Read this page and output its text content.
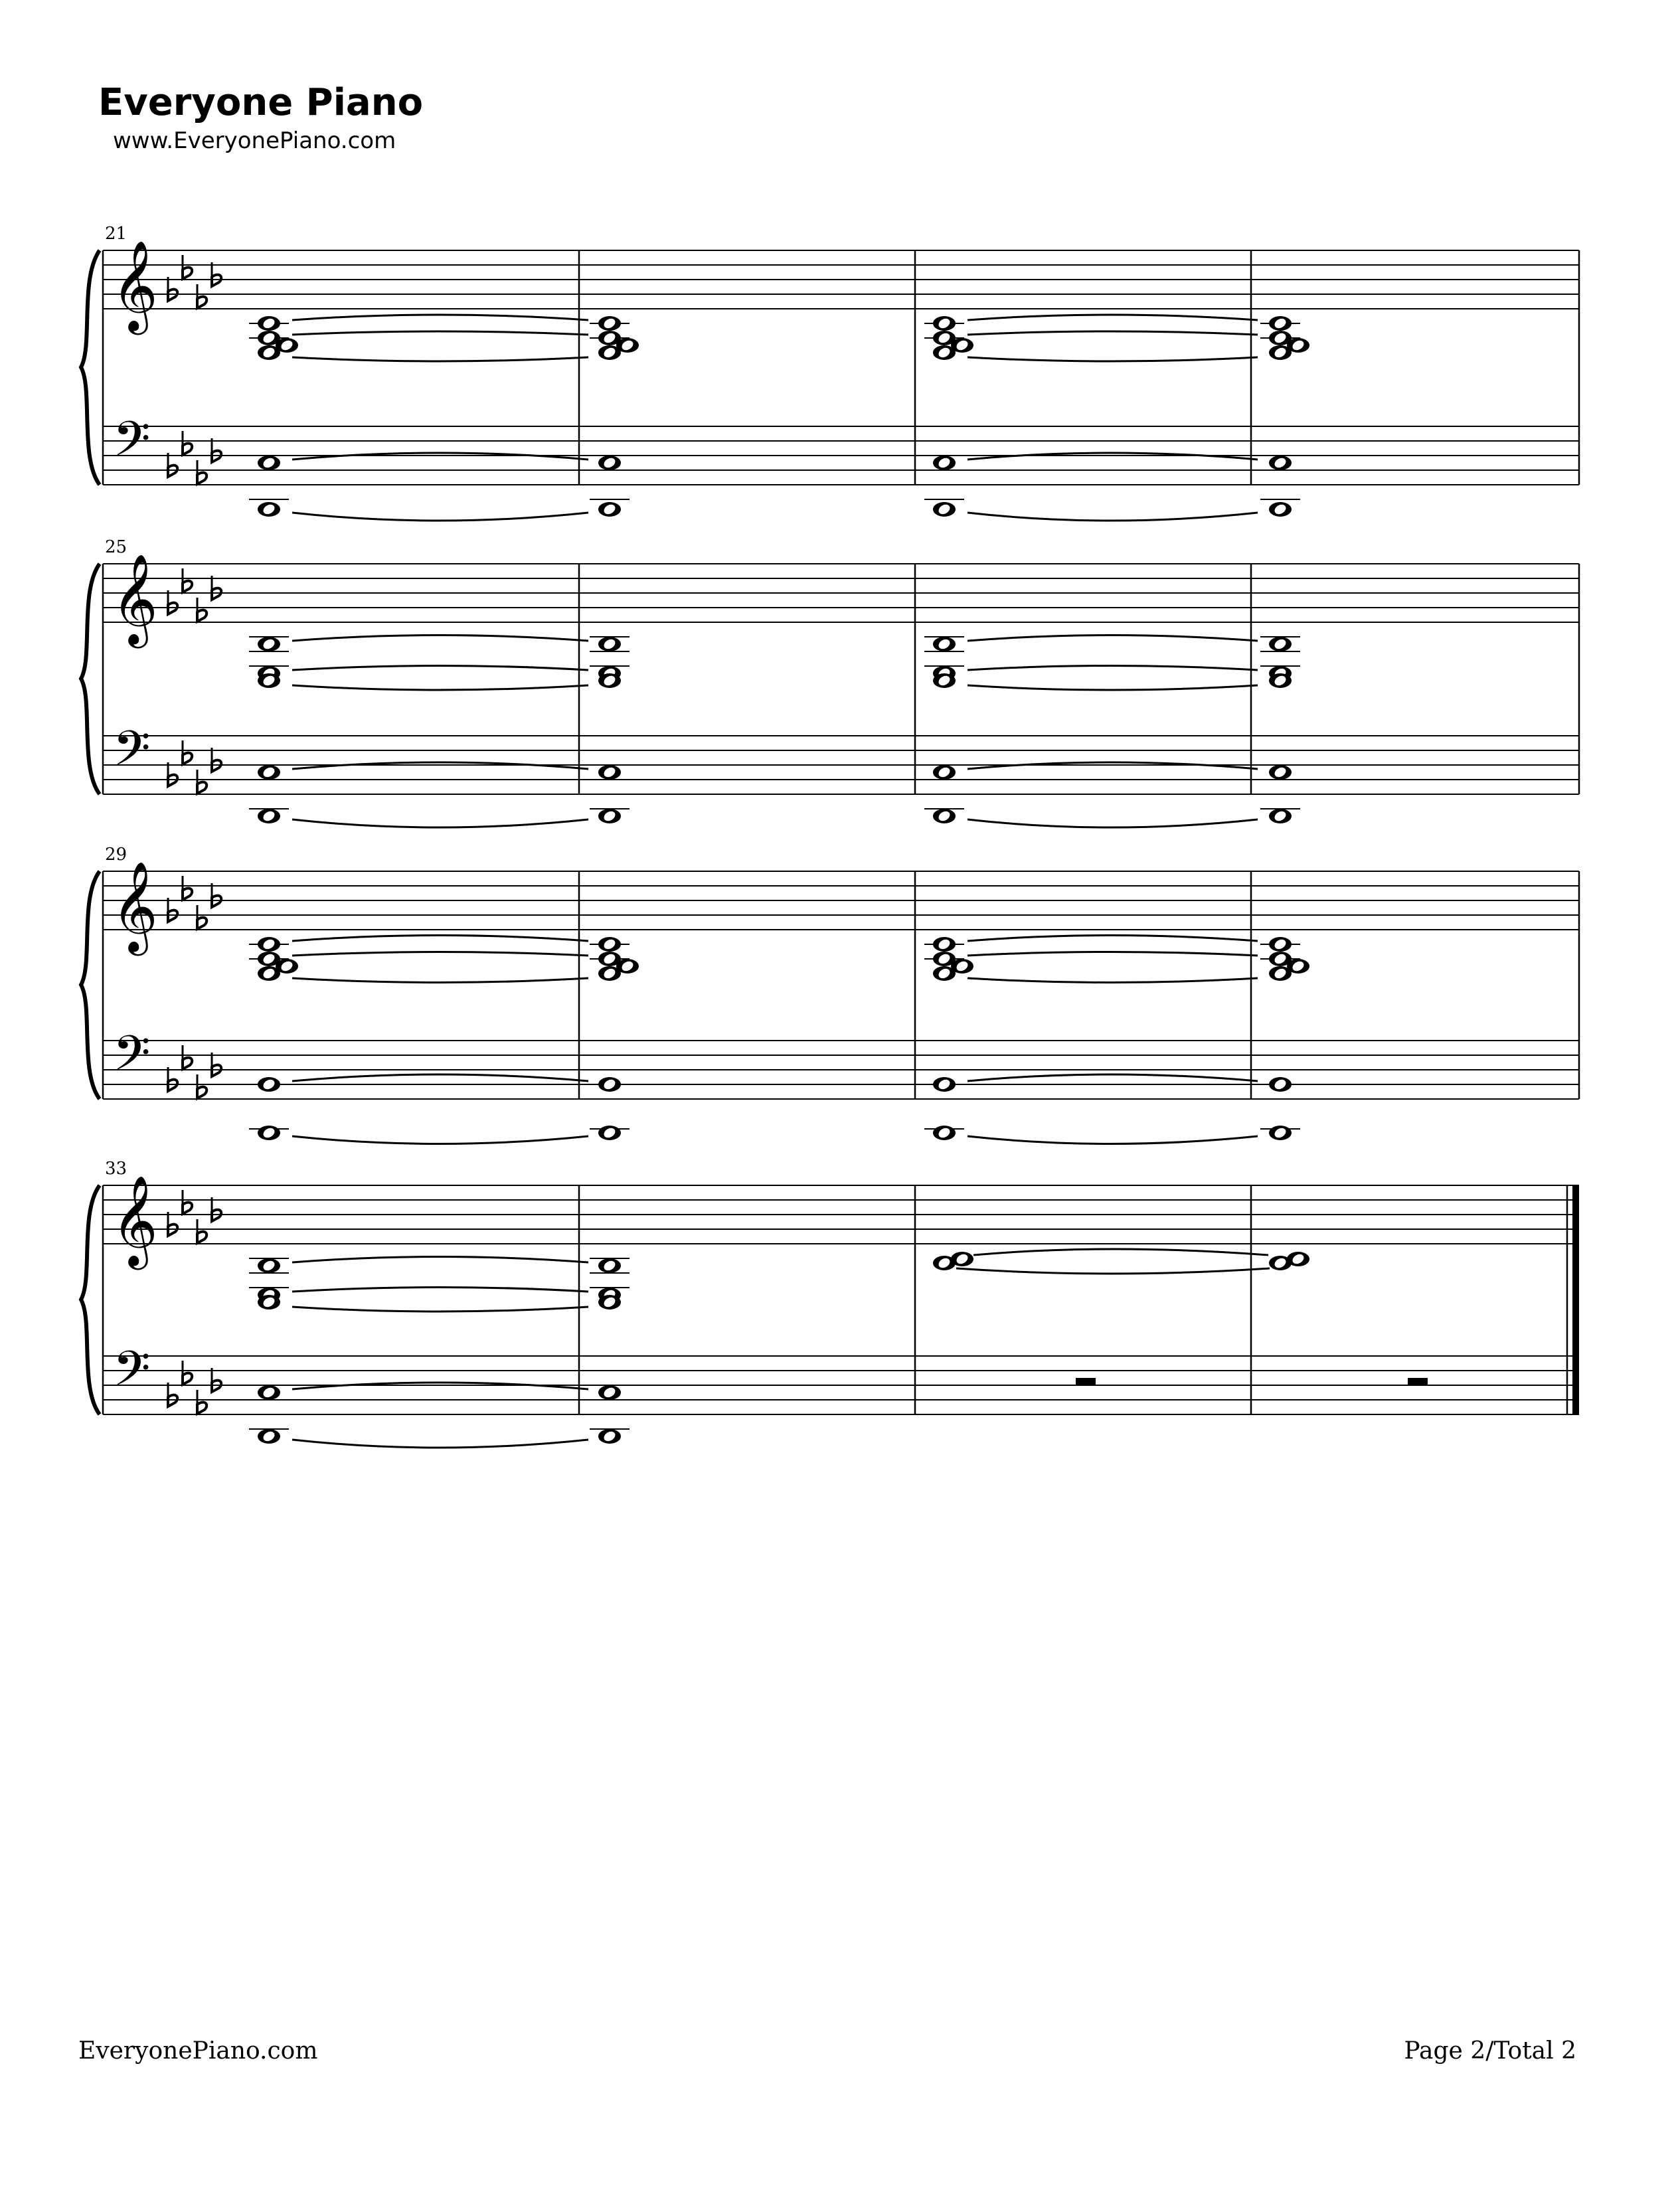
Everyone Piano
www.EveryonePiano.com
21
𝄞
𝄢
25
𝄞
𝄢
29
𝄞
𝄢
33
𝄞
𝄢
EveryonePiano.com	Page 2/Total 2
